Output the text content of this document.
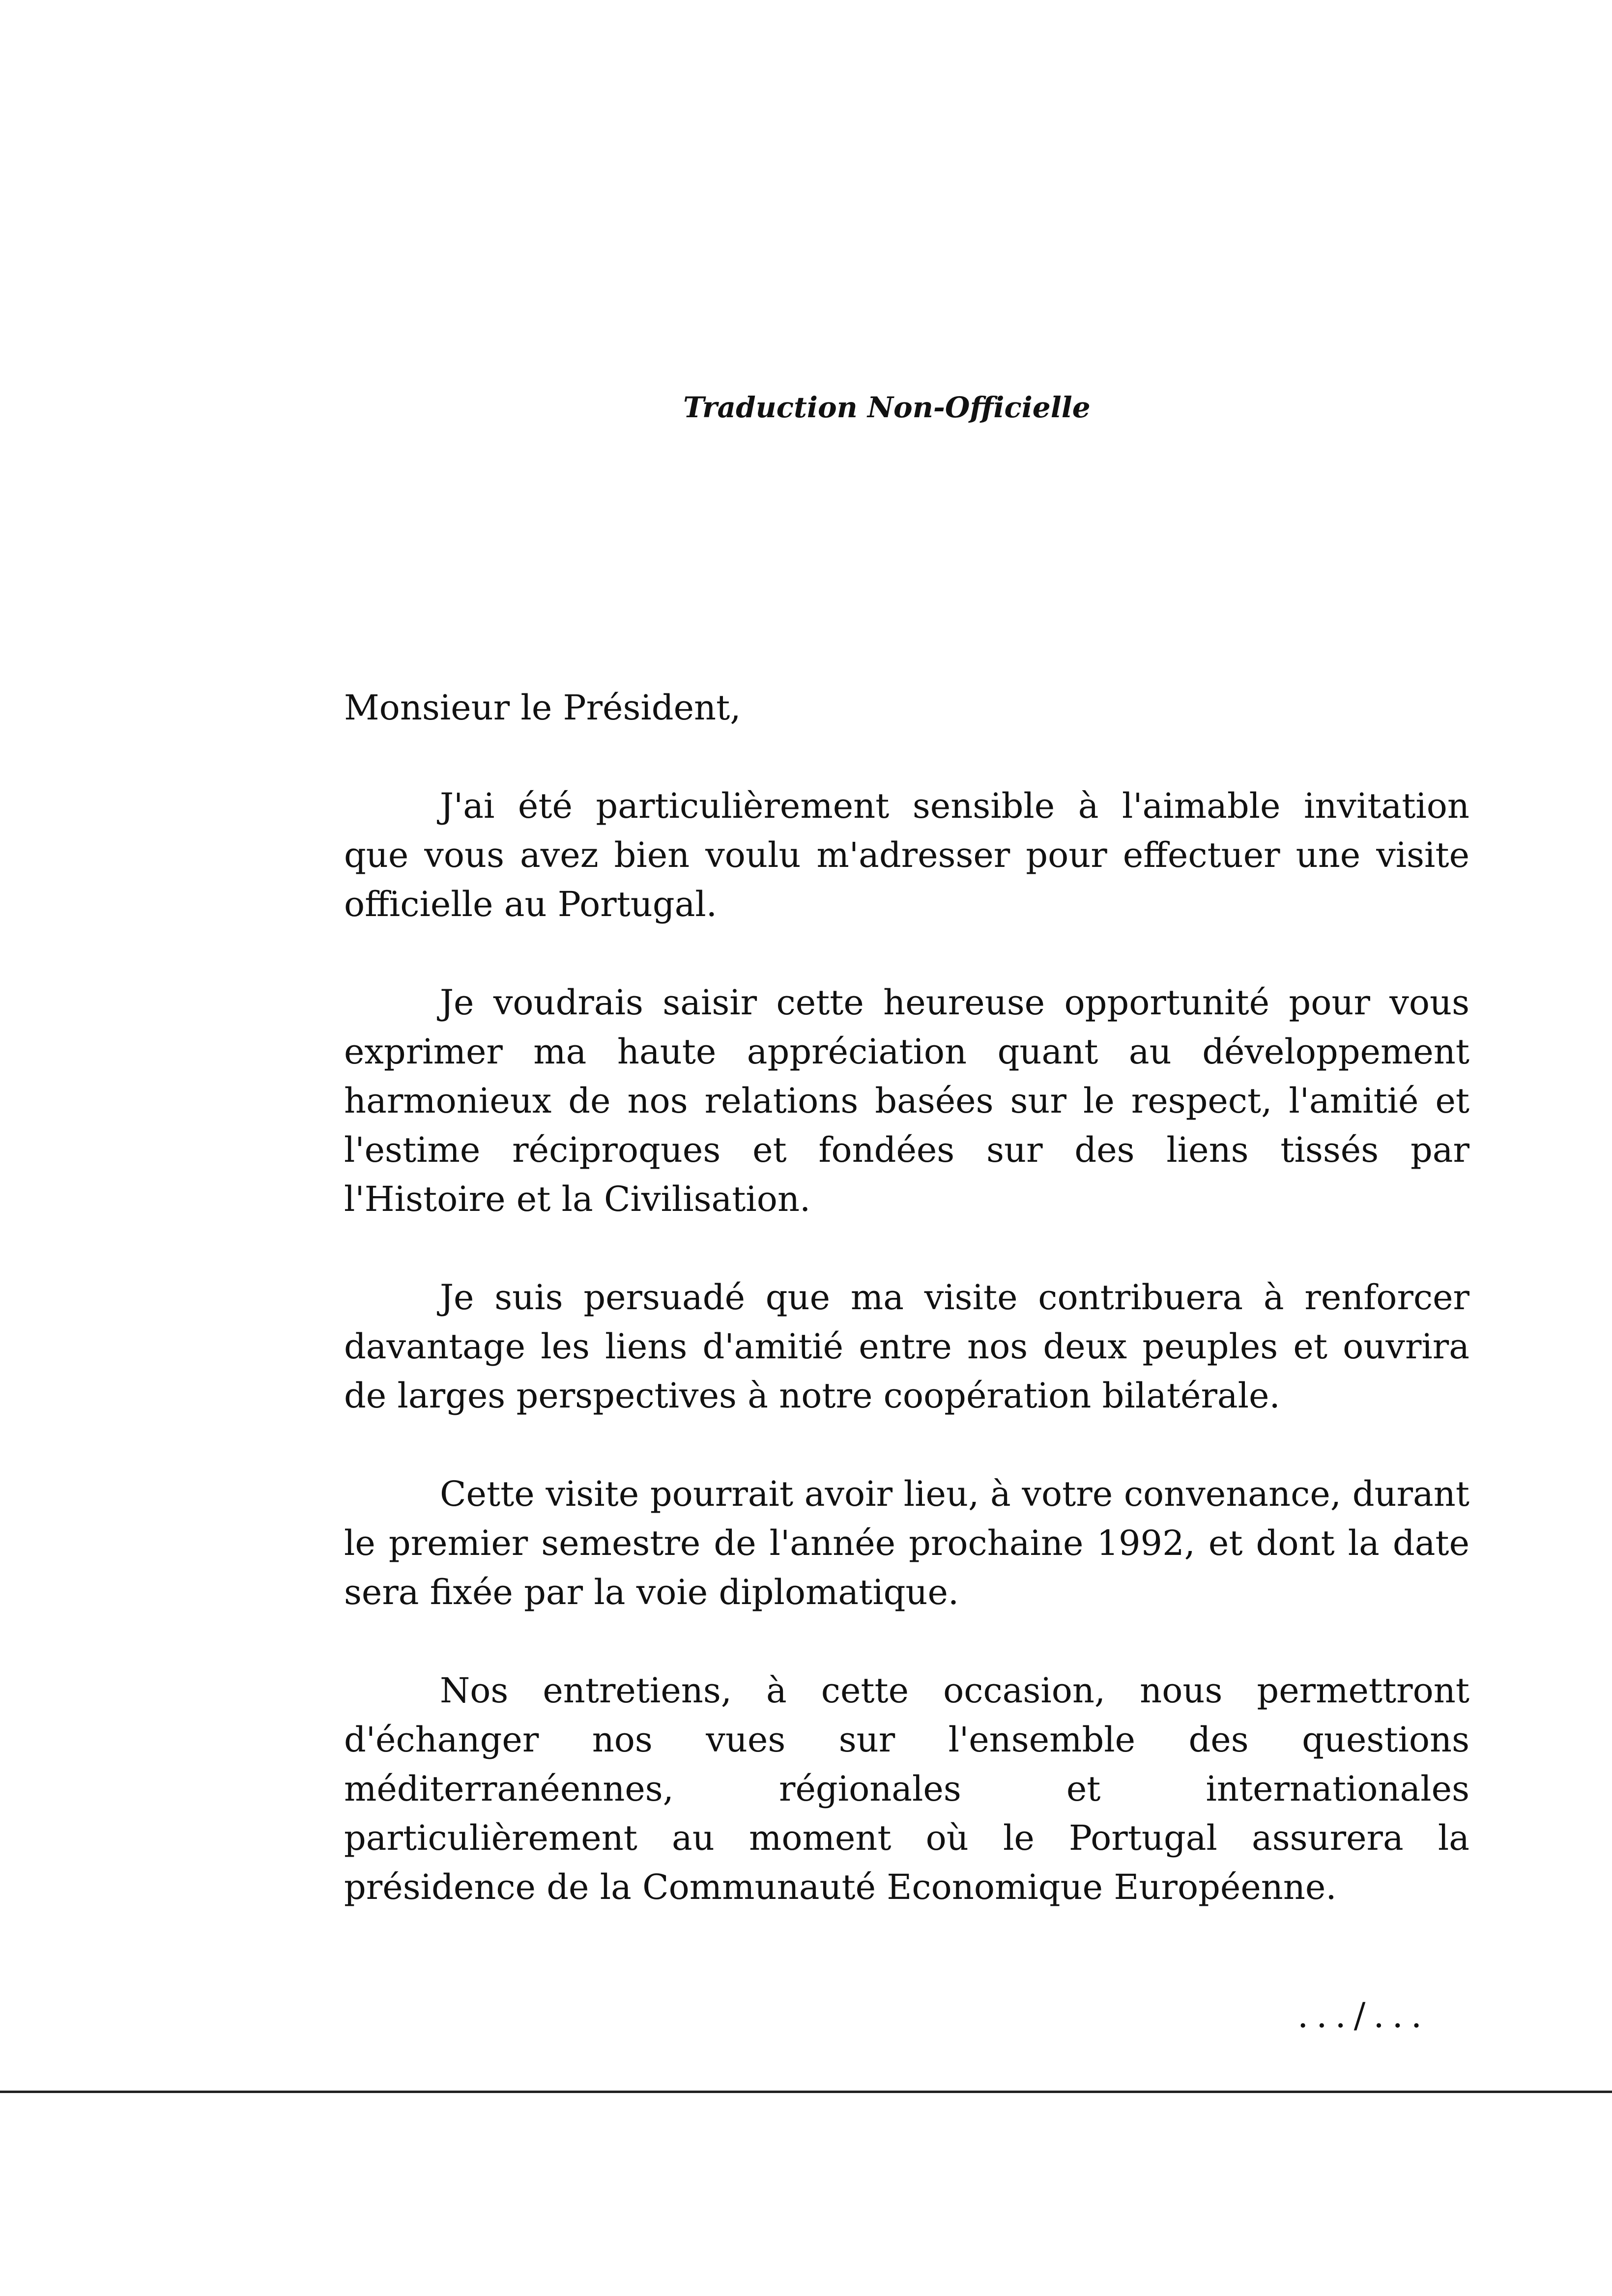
Traduction Non-Officielle

Monsieur le Président,

J'ai été particulièrement sensible à l'aimable invitation que vous avez bien voulu m'adresser pour effectuer une visite officielle au Portugal.

Je voudrais saisir cette heureuse opportunité pour vous exprimer ma haute appréciation quant au développement harmonieux de nos relations basées sur le respect, l'amitié et l'estime réciproques et fondées sur des liens tissés par l'Histoire et la Civilisation.

Je suis persuadé que ma visite contribuera à renforcer davantage les liens d'amitié entre nos deux peuples et ouvrira de larges perspectives à notre coopération bilatérale.

Cette visite pourrait avoir lieu, à votre convenance, durant le premier semestre de l'année prochaine 1992, et dont la date sera fixée par la voie diplomatique.

Nos entretiens, à cette occasion, nous permettront d'échanger nos vues sur l'ensemble des questions méditerranéennes, régionales et internationales particulièrement au moment où le Portugal assurera la présidence de la Communauté Economique Européenne.

.../...
